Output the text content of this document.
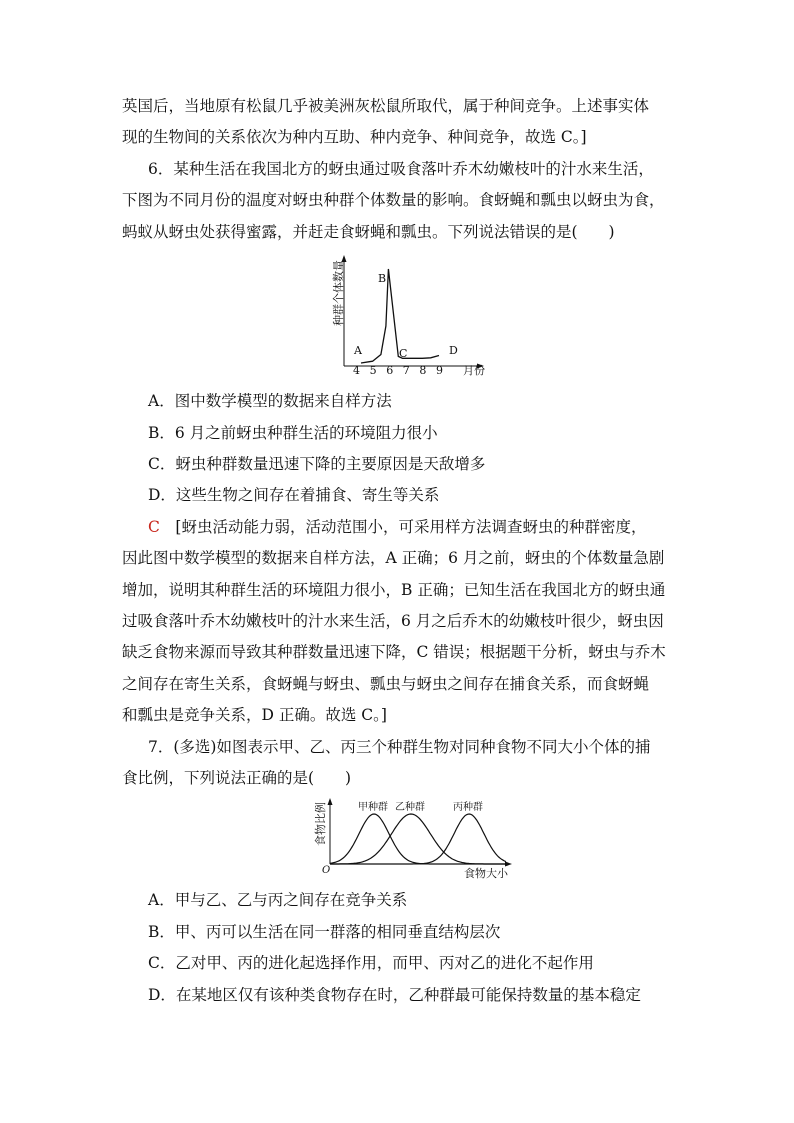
英国后，当地原有松鼠几乎被美洲灰松鼠所取代，属于种间竞争。上述事实体
现的生物间的关系依次为种内互助、种内竞争、种间竞争，故选 C。]
6．某种生活在我国北方的蚜虫通过吸食落叶乔木幼嫩枝叶的汁水来生活，
下图为不同月份的温度对蚜虫种群个体数量的影响。食蚜蝇和瓢虫以蚜虫为食，
蚂蚁从蚜虫处获得蜜露，并赶走食蚜蝇和瓢虫。下列说法错误的是(　　)
种群个体数量
4 5 6 7 8 9 月份
A
B
C	D
A．图中数学模型的数据来自样方法
B．6 月之前蚜虫种群生活的环境阻力很小
C．蚜虫种群数量迅速下降的主要原因是天敌增多
D．这些生物之间存在着捕食、寄生等关系
C　 [蚜虫活动能力弱，活动范围小，可采用样方法调查蚜虫的种群密度，
因此图中数学模型的数据来自样方法，A 正确；6 月之前，蚜虫的个体数量急剧
增加，说明其种群生活的环境阻力很小，B 正确；已知生活在我国北方的蚜虫通
过吸食落叶乔木幼嫩枝叶的汁水来生活，6 月之后乔木的幼嫩枝叶很少，蚜虫因
缺乏食物来源而导致其种群数量迅速下降，C 错误；根据题干分析，蚜虫与乔木
之间存在寄生关系，食蚜蝇与蚜虫、瓢虫与蚜虫之间存在捕食关系，而食蚜蝇
和瓢虫是竞争关系，D 正确。故选 C。]
7．(多选)如图表示甲、乙、丙三个种群生物对同种食物不同大小个体的捕
食比例，下列说法正确的是(　　)
食物比例
O	食物大小
甲种群 乙种群	丙种群
A．甲与乙、乙与丙之间存在竞争关系
B．甲、丙可以生活在同一群落的相同垂直结构层次
C．乙对甲、丙的进化起选择作用，而甲、丙对乙的进化不起作用
D．在某地区仅有该种类食物存在时，乙种群最可能保持数量的基本稳定
